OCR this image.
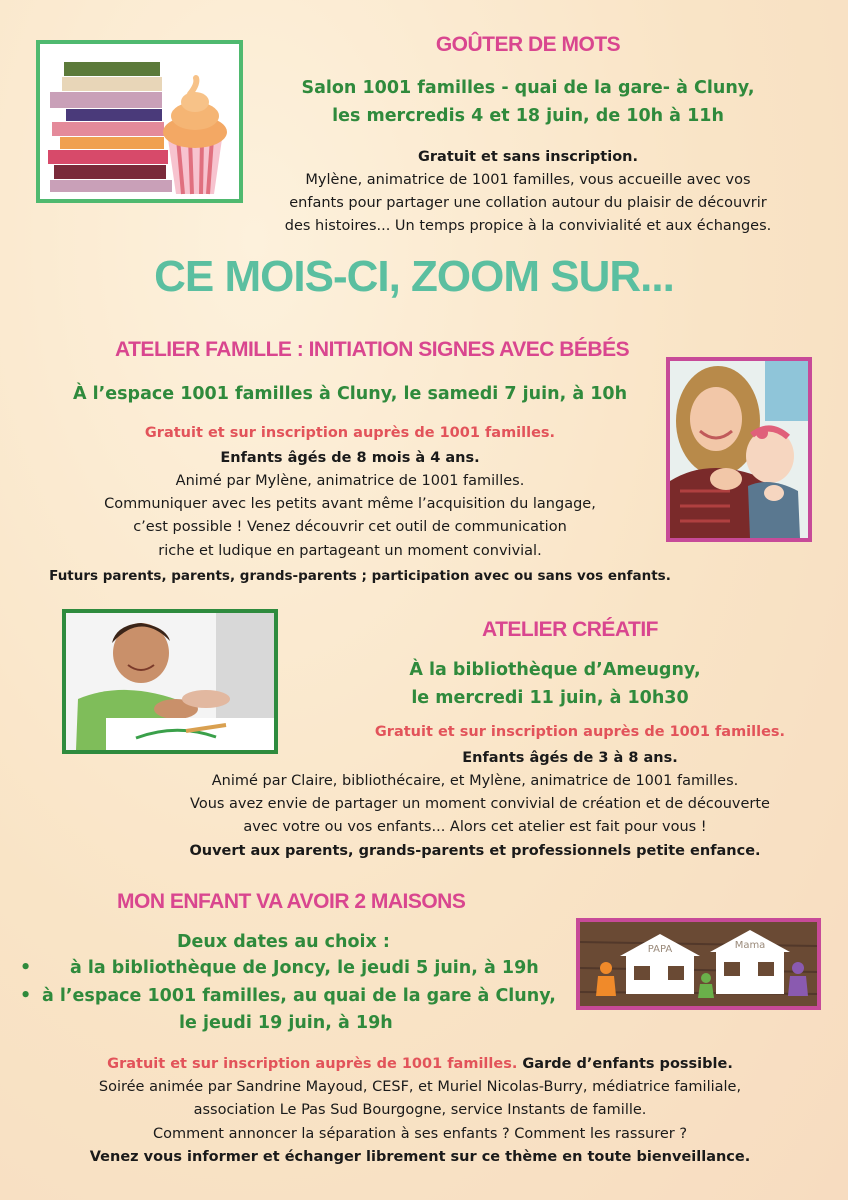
GOÛTER DE MOTS
Salon 1001 familles - quai de la gare- à Cluny,
les mercredis 4 et 18 juin, de 10h à 11h
Gratuit et sans inscription.
Mylène, animatrice de 1001 familles, vous accueille avec vos
enfants pour partager une collation autour du plaisir de découvrir
des histoires... Un temps propice à la convivialité et aux échanges.
CE MOIS-CI, ZOOM SUR...
ATELIER FAMILLE : INITIATION SIGNES AVEC BÉBÉS
À l’espace 1001 familles à Cluny, le samedi 7 juin, à 10h
Gratuit et sur inscription auprès de 1001 familles.
Enfants âgés de 8 mois à 4 ans.
Animé par Mylène, animatrice de 1001 familles.
Communiquer avec les petits avant même l’acquisition du langage,
c’est possible ! Venez découvrir cet outil de communication
riche et ludique en partageant un moment convivial.
Futurs parents, parents, grands-parents ; participation avec ou sans vos enfants.
ATELIER CRÉATIF
À la bibliothèque d’Ameugny,
le mercredi 11 juin, à 10h30
Gratuit et sur inscription auprès de 1001 familles.
Enfants âgés de 3 à 8 ans.
Animé par Claire, bibliothécaire, et Mylène, animatrice de 1001 familles.
Vous avez envie de partager un moment convivial de création et de découverte
avec votre ou vos enfants... Alors cet atelier est fait pour vous !
Ouvert aux parents, grands-parents et professionnels petite enfance.
MON ENFANT VA AVOIR 2 MAISONS
Deux dates au choix :
• à la bibliothèque de Joncy, le jeudi 5 juin, à 19h
• à l’espace 1001 familles, au quai de la gare à Cluny,
le jeudi 19 juin, à 19h
PAPA	Mama
Gratuit et sur inscription auprès de 1001 familles. Garde d’enfants possible.
Soirée animée par Sandrine Mayoud, CESF, et Muriel Nicolas-Burry, médiatrice familiale,
association Le Pas Sud Bourgogne, service Instants de famille.
Comment annoncer la séparation à ses enfants ? Comment les rassurer ?
Venez vous informer et échanger librement sur ce thème en toute bienveillance.
